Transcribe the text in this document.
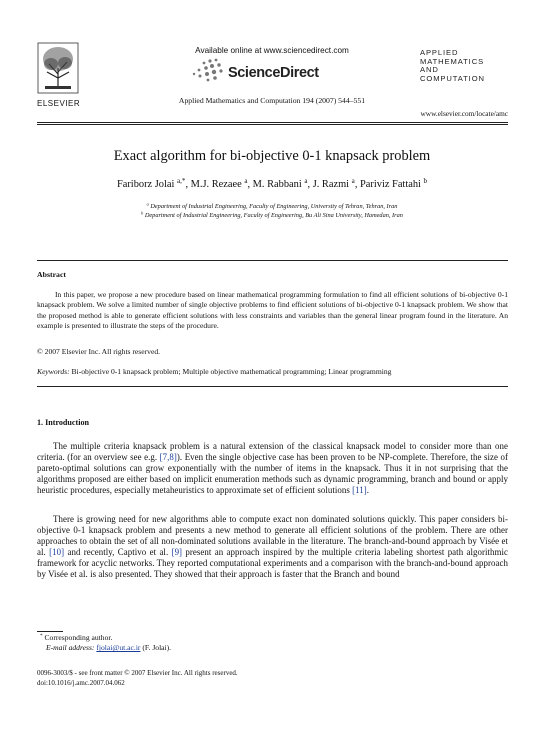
ELSEVIER
Available online at www.sciencedirect.com
ScienceDirect
Applied Mathematics and Computation 194 (2007) 544–551
APPLIED
MATHEMATICS
AND
COMPUTATION
www.elsevier.com/locate/amc
Exact algorithm for bi-objective 0-1 knapsack problem
Fariborz Jolai $^{a,*}$, M.J. Rezaee $^a$, M. Rabbani $^a$, J. Razmi $^a$, Pariviz Fattahi $^b$
$^a$ Department of Industrial Engineering, Faculty of Engineering, University of Tehran, Tehran, Iran
$^b$ Department of Industrial Engineering, Faculty of Engineering, Bu Ali Sina University, Hamedan, Iran
Abstract
In this paper, we propose a new procedure based on linear mathematical programming formulation to find all efficient solutions of bi-objective 0-1 knapsack problem. We solve a limited number of single objective problems to find efficient solutions of bi-objective 0-1 knapsack problem. We show that the proposed method is able to generate efficient solutions with less constraints and variables than the general linear program found in the literature. An example is presented to illustrate the steps of the procedure.
© 2007 Elsevier Inc. All rights reserved.
Keywords: Bi-objective 0-1 knapsack problem; Multiple objective mathematical programming; Linear programming
1. Introduction
The multiple criteria knapsack problem is a natural extension of the classical knapsack model to consider more than one criteria. (for an overview see e.g. [7,8]). Even the single objective case has been proven to be NP-complete. Therefore, the size of pareto-optimal solutions can grow exponentially with the number of items in the knapsack. Thus it in not surprising that the algorithms proposed are either based on implicit enumeration methods such as dynamic programming, branch and bound or apply heuristic procedures, especially metaheuristics to approximate set of efficient solutions [11].
There is growing need for new algorithms able to compute exact non dominated solutions quickly. This paper considers bi-objective 0-1 knapsack problem and presents a new method to generate all efficient solutions of the problem. There are other approaches to obtain the set of all non-dominated solutions available in the literature. The branch-and-bound approach by Visée et al. [10] and recently, Captivo et al. [9] present an approach inspired by the multiple criteria labeling shortest path algorithmic framework for acyclic networks. They reported computational experiments and a comparison with the branch-and-bound approach by Visée et al. is also presented. They showed that their approach is faster that the Branch and bound
* Corresponding author.
E-mail address: fjolai@ut.ac.ir (F. Jolai).
0096-3003/$ - see front matter © 2007 Elsevier Inc. All rights reserved.
doi:10.1016/j.amc.2007.04.062
